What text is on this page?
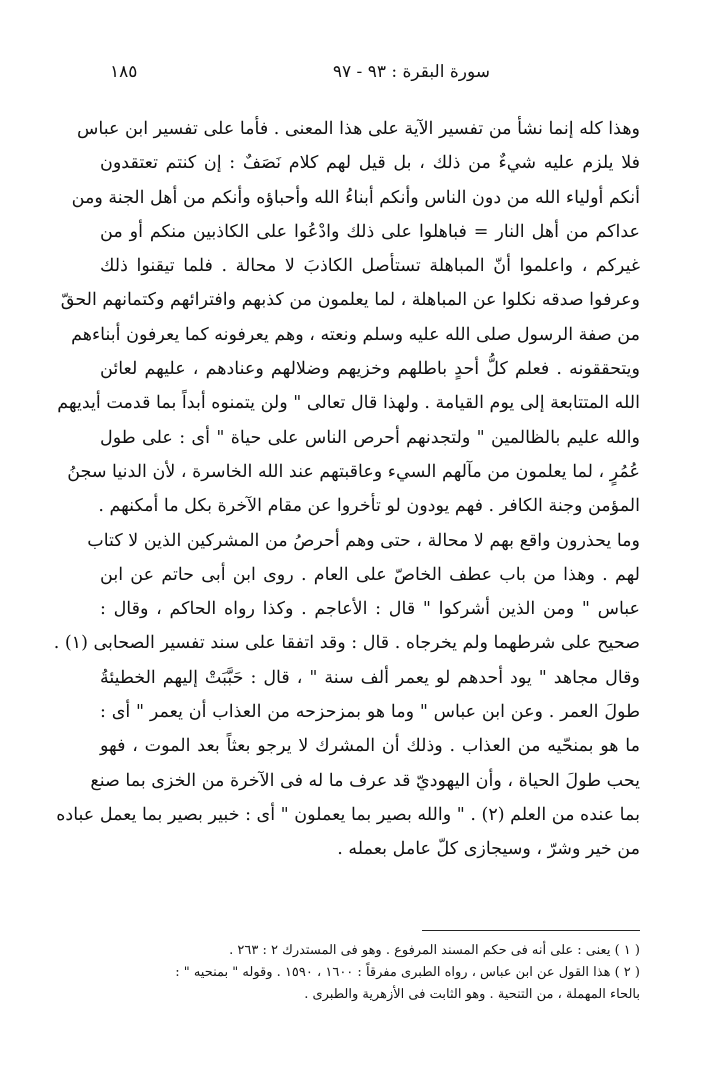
سورة البقرة : ٩٣ - ٩٧
١٨٥
وهذا كله إنما نشأ من تفسير الآية على هذا المعنى . فأما على تفسير ابن عباس
فلا يلزم عليه شيءٌ من ذلك ، بل قيل لهم كلام نَصَفٌ : إن كنتم تعتقدون
أنكم أولياء الله من دون الناس وأنكم أبناءُ الله وأحباؤه وأنكم من أهل الجنة ومن
عداكم من أهل النار = فباهلوا على ذلك وادْعُوا على الكاذبين منكم أو من
غيركم ، واعلموا أنّ المباهلة تستأصل الكاذبَ لا محالة . فلما تيقنوا ذلك
وعرفوا صدقه نكلوا عن المباهلة ، لما يعلمون من كذبهم وافترائهم وكتمانهم الحقّ
من صفة الرسول صلى الله عليه وسلم ونعته ، وهم يعرفونه كما يعرفون أبناءهم
ويتحققونه . فعلم كلُّ أحدٍ باطلهم وخزيهم وضلالهم وعنادهم ، عليهم لعائن
الله المتتابعة إلى يوم القيامة . ولهذا قال تعالى " ولن يتمنوه أبداً بما قدمت أيديهم
والله عليم بالظالمين " ولتجدنهم أحرص الناس على حياة " أى : على طول
عُمُرٍ ، لما يعلمون من مآلهم السيء وعاقبتهم عند الله الخاسرة ، لأن الدنيا سجنُ
المؤمن وجنة الكافر . فهم يودون لو تأخروا عن مقام الآخرة بكل ما أمكنهم .
وما يحذرون واقع بهم لا محالة ، حتى وهم أحرصُ من المشركين الذين لا كتاب
لهم . وهذا من باب عطف الخاصّ على العام . روى ابن أبى حاتم عن ابن
عباس " ومن الذين أشركوا " قال : الأعاجم . وكذا رواه الحاكم ، وقال :
صحيح على شرطهما ولم يخرجاه . قال : وقد اتفقا على سند تفسير الصحابى (١) .
وقال مجاهد " يود أحدهم لو يعمر ألف سنة " ، قال : حَبَّبَتْ إليهم الخطيئةُ
طولَ العمر . وعن ابن عباس " وما هو بمزحزحه من العذاب أن يعمر " أى :
ما هو بمنحّيه من العذاب . وذلك أن المشرك لا يرجو بعثاً بعد الموت ، فهو
يحب طولَ الحياة ، وأن اليهوديّ قد عرف ما له فى الآخرة من الخزى بما صنع
بما عنده من العلم (٢) . " والله بصير بما يعملون " أى : خبير بصير بما يعمل عباده
من خير وشرّ ، وسيجازى كلّ عامل بعمله .
( ١ ) يعنى : على أنه فى حكم المسند المرفوع . وهو فى المستدرك ٢ : ٢٦٣ .
( ٢ ) هذا القول عن ابن عباس ، رواه الطبرى مفرقاً : ١٦٠٠ ، ١٥٩٠ . وقوله " بمنحيه " :
بالحاء المهملة ، من التنحية . وهو الثابت فى الأزهرية والطبرى .
